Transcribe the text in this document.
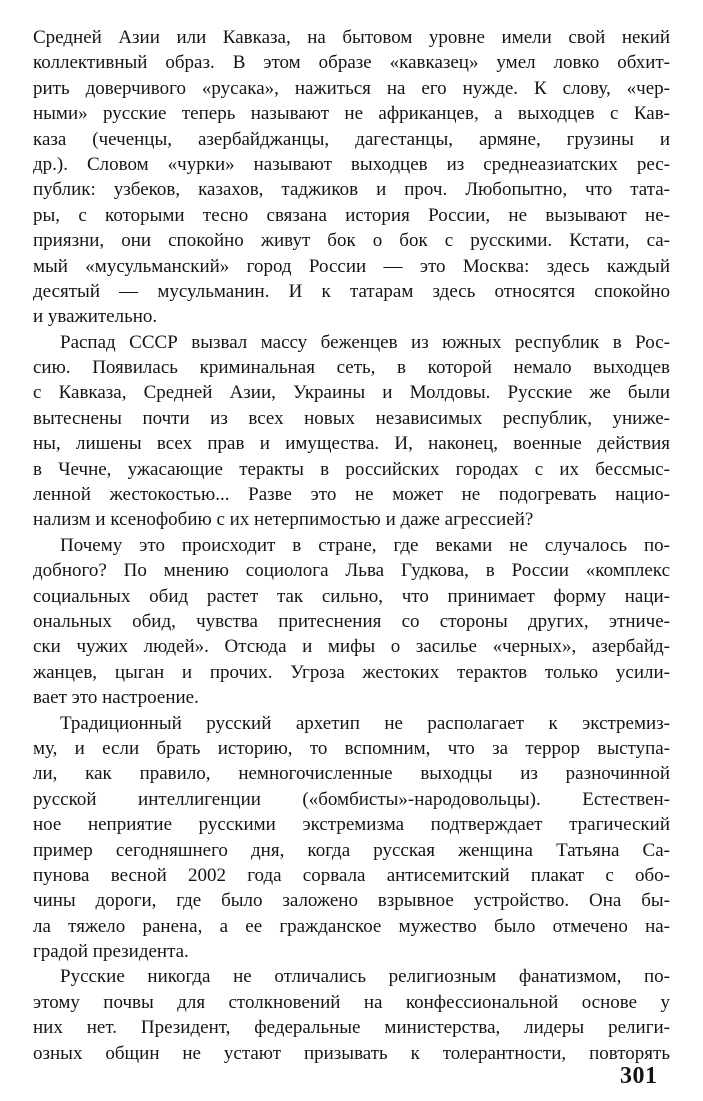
Средней Азии или Кавказа, на бытовом уровне имели свой некий
коллективный образ. В этом образе «кавказец» умел ловко обхит-
рить доверчивого «русака», нажиться на его нужде. К слову, «чер-
ными» русские теперь называют не африканцев, а выходцев с Кав-
каза (чеченцы, азербайджанцы, дагестанцы, армяне, грузины и
др.). Словом «чурки» называют выходцев из среднеазиатских рес-
публик: узбеков, казахов, таджиков и проч. Любопытно, что тата-
ры, с которыми тесно связана история России, не вызывают не-
приязни, они спокойно живут бок о бок с русскими. Кстати, са-
мый «мусульманский» город России — это Москва: здесь каждый
десятый — мусульманин. И к татарам здесь относятся спокойно
и уважительно.
Распад СССР вызвал массу беженцев из южных республик в Рос-
сию. Появилась криминальная сеть, в которой немало выходцев
с Кавказа, Средней Азии, Украины и Молдовы. Русские же были
вытеснены почти из всех новых независимых республик, униже-
ны, лишены всех прав и имущества. И, наконец, военные действия
в Чечне, ужасающие теракты в российских городах с их бессмыс-
ленной жестокостью... Разве это не может не подогревать нацио-
нализм и ксенофобию с их нетерпимостью и даже агрессией?
Почему это происходит в стране, где веками не случалось по-
добного? По мнению социолога Льва Гудкова, в России «комплекс
социальных обид растет так сильно, что принимает форму наци-
ональных обид, чувства притеснения со стороны других, этниче-
ски чужих людей». Отсюда и мифы о засилье «черных», азербайд-
жанцев, цыган и прочих. Угроза жестоких терактов только усили-
вает это настроение.
Традиционный русский архетип не располагает к экстремиз-
му, и если брать историю, то вспомним, что за террор выступа-
ли, как правило, немногочисленные выходцы из разночинной
русской интеллигенции («бомбисты»-народовольцы). Естествен-
ное неприятие русскими экстремизма подтверждает трагический
пример сегодняшнего дня, когда русская женщина Татьяна Са-
пунова весной 2002 года сорвала антисемитский плакат с обо-
чины дороги, где было заложено взрывное устройство. Она бы-
ла тяжело ранена, а ее гражданское мужество было отмечено на-
градой президента.
Русские никогда не отличались религиозным фанатизмом, по-
этому почвы для столкновений на конфессиональной основе у
них нет. Президент, федеральные министерства, лидеры религи-
озных общин не устают призывать к толерантности, повторять
301
